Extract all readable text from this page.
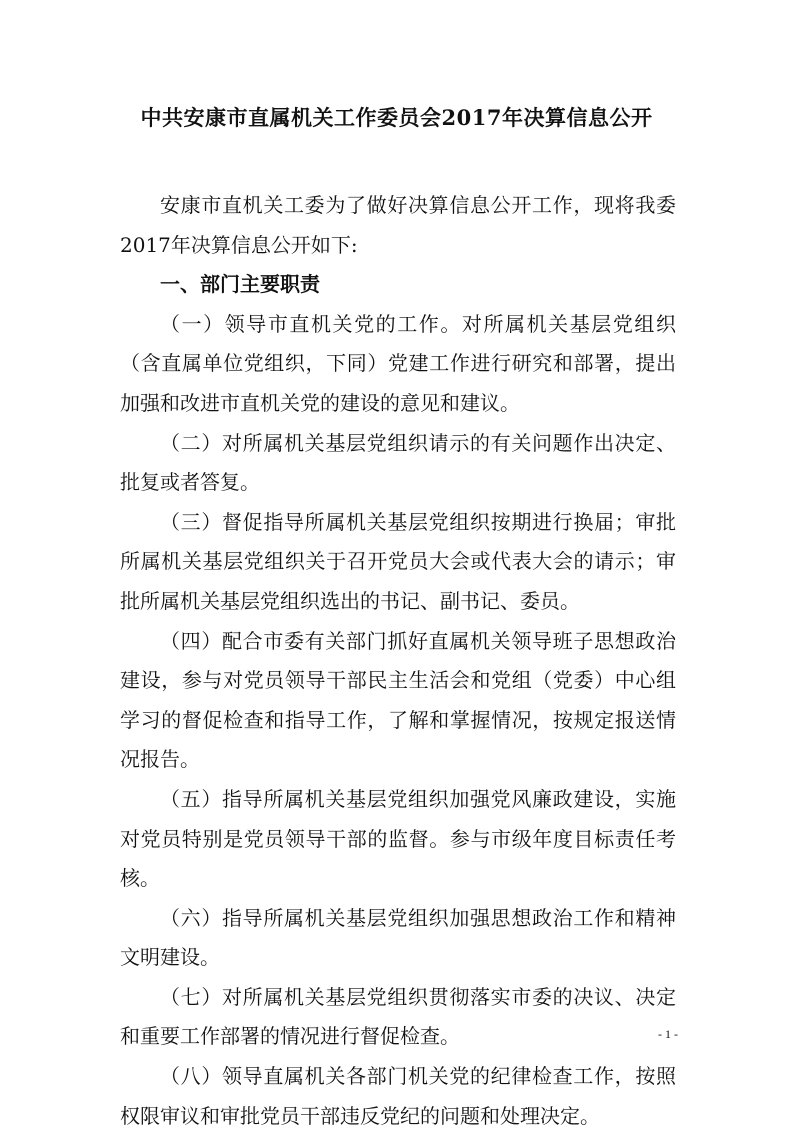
中共安康市直属机关工作委员会2017年决算信息公开

安康市直机关工委为了做好决算信息公开工作，现将我委2017年决算信息公开如下:

一、部门主要职责

（一）领导市直机关党的工作。对所属机关基层党组织（含直属单位党组织，下同）党建工作进行研究和部署，提出加强和改进市直机关党的建设的意见和建议。

（二）对所属机关基层党组织请示的有关问题作出决定、批复或者答复。

（三）督促指导所属机关基层党组织按期进行换届；审批所属机关基层党组织关于召开党员大会或代表大会的请示；审批所属机关基层党组织选出的书记、副书记、委员。

（四）配合市委有关部门抓好直属机关领导班子思想政治建设，参与对党员领导干部民主生活会和党组（党委）中心组学习的督促检查和指导工作，了解和掌握情况，按规定报送情况报告。

（五）指导所属机关基层党组织加强党风廉政建设，实施对党员特别是党员领导干部的监督。参与市级年度目标责任考核。

（六）指导所属机关基层党组织加强思想政治工作和精神文明建设。

（七）对所属机关基层党组织贯彻落实市委的决议、决定和重要工作部署的情况进行督促检查。

（八）领导直属机关各部门机关党的纪律检查工作，按照权限审议和审批党员干部违反党纪的问题和处理决定。

- 1 -
